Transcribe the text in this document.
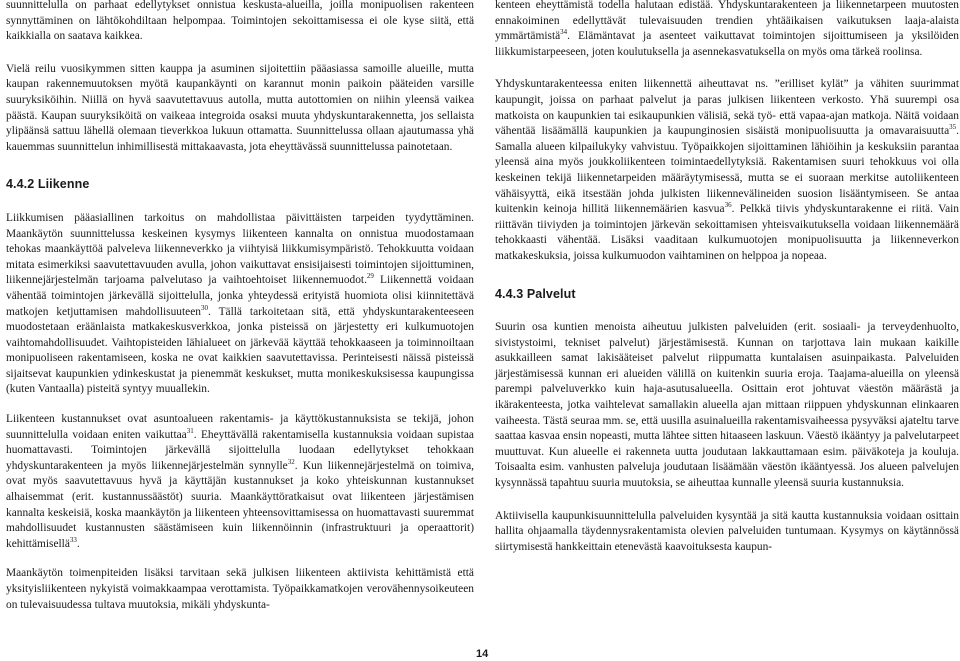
suunnittelulla on parhaat edellytykset onnistua keskusta-alueilla, joilla monipuolisen rakenteen synnyttäminen on lähtökohdiltaan helpompaa. Toimintojen sekoittamisessa ei ole kyse siitä, että kaikkialla on saatava kaikkea.

Vielä reilu vuosikymmen sitten kauppa ja asuminen sijoitettiin pääasiassa samoille alueille, mutta kaupan rakennemuutoksen myötä kaupankäynti on karannut monin paikoin pääteiden varsille suuryksiköihin. Niillä on hyvä saavutettavuus autolla, mutta autottomien on niihin yleensä vaikea päästä. Kaupan suuryksiköitä on vaikeaa integroida osaksi muuta yhdyskuntarakennetta, jos sellaista ylipäänsä sattuu lähellä olemaan tieverkkoa lukuun ottamatta. Suunnittelussa ollaan ajautumassa yhä kauemmas suunnittelun inhimillisestä mittakaavasta, jota eheyttävässä suunnittelussa painotetaan.

4.4.2 Liikenne

Liikkumisen pääasiallinen tarkoitus on mahdollistaa päivittäisten tarpeiden tyydyttäminen. Maankäytön suunnittelussa keskeinen kysymys liikenteen kannalta on onnistua muodostamaan tehokas maankäyttöä palveleva liikenneverkko ja viihtyisä liikkumisympäristö. Tehokkuutta voidaan mitata esimerkiksi saavutettavuuden avulla, johon vaikuttavat ensisijaisesti toimintojen sijoittuminen, liikennejärjestelmän tarjoama palvelutaso ja vaihtoehtoiset liikennemuodot.$^{29}$ Liikennettä voidaan vähentää toimintojen järkevällä sijoittelulla, jonka yhteydessä erityistä huomiota olisi kiinnitettävä matkojen ketjuttamisen mahdollisuuteen$^{30}$. Tällä tarkoitetaan sitä, että yhdyskuntarakenteeseen muodostetaan eräänlaista matkakeskusverkkoa, jonka pisteissä on järjestetty eri kulkumuotojen vaihtomahdollisuudet. Vaihtopisteiden lähialueet on järkevää käyttää tehokkaaseen ja toiminnoiltaan monipuoliseen rakentamiseen, koska ne ovat kaikkien saavutettavissa. Perinteisesti näissä pisteissä sijaitsevat kaupunkien ydinkeskustat ja pienemmät keskukset, mutta monikeskuksisessa kaupungissa (kuten Vantaalla) pisteitä syntyy muuallekin.

Liikenteen kustannukset ovat asuntoalueen rakentamis- ja käyttökustannuksista se tekijä, johon suunnittelulla voidaan eniten vaikuttaa$^{31}$. Eheyttävällä rakentamisella kustannuksia voidaan supistaa huomattavasti. Toimintojen järkevällä sijoittelulla luodaan edellytykset tehokkaan yhdyskuntarakenteen ja myös liikennejärjestelmän synnylle$^{32}$. Kun liikennejärjestelmä on toimiva, ovat myös saavutettavuus hyvä ja käyttäjän kustannukset ja koko yhteiskunnan kustannukset alhaisemmat (erit. kustannussäästöt) suuria. Maankäyttöratkaisut ovat liikenteen järjestämisen kannalta keskeisiä, koska maankäytön ja liikenteen yhteensovittamisessa on huomattavasti suuremmat mahdollisuudet kustannusten säästämiseen kuin liikennöinnin (infrastruktuuri ja operaattorit) kehittämisellä$^{33}$.

Maankäytön toimenpiteiden lisäksi tarvitaan sekä julkisen liikenteen aktiivista kehittämistä että yksityisliikenteen nykyistä voimakkaampaa verottamista. Työpaikkamatkojen verovähennysoikeuteen on tulevaisuudessa tultava muutoksia, mikäli yhdyskunta-

kenteen eheyttämistä todella halutaan edistää. Yhdyskuntarakenteen ja liikennetarpeen muutosten ennakoiminen edellyttävät tulevaisuuden trendien yhtääikaisen vaikutuksen laaja-alaista ymmärtämistä$^{34}$. Elämäntavat ja asenteet vaikuttavat toimintojen sijoittumiseen ja yksilöiden liikkumistarpeeseen, joten koulutuksella ja asennekasvatuksella on myös oma tärkeä roolinsa.

Yhdyskuntarakenteessa eniten liikennettä aiheuttavat ns. ”erilliset kylät” ja vähiten suurimmat kaupungit, joissa on parhaat palvelut ja paras julkisen liikenteen verkosto. Yhä suurempi osa matkoista on kaupunkien tai esikaupunkien välisiä, sekä työ- että vapaa-ajan matkoja. Näitä voidaan vähentää lisäämällä kaupunkien ja kaupunginosien sisäistä monipuolisuutta ja omavaraisuutta$^{35}$. Samalla alueen kilpailukyky vahvistuu. Työpaikkojen sijoittaminen lähiöihin ja keskuksiin parantaa yleensä aina myös joukkoliikenteen toimintaedellytyksiä. Rakentamisen suuri tehokkuus voi olla keskeinen tekijä liikennetarpeiden määräytymisessä, mutta se ei suoraan merkitse autoliikenteen vähäisyyttä, eikä itsestään johda julkisten liikennevälineiden suosion lisääntymiseen. Se antaa kuitenkin keinoja hillitä liikennemäärien kasvua$^{36}$. Pelkkä tiivis yhdyskuntarakenne ei riitä. Vain riittävän tiiviyden ja toimintojen järkevän sekoittamisen yhteisvaikutuksella voidaan liikennemäärä tehokkaasti vähentää. Lisäksi vaaditaan kulkumuotojen monipuolisuutta ja liikenneverkon matkakeskuksia, joissa kulkumuodon vaihtaminen on helppoa ja nopeaa.

4.4.3 Palvelut

Suurin osa kuntien menoista aiheutuu julkisten palveluiden (erit. sosiaali- ja terveydenhuolto, sivistystoimi, tekniset palvelut) järjestämisestä. Kunnan on tarjottava lain mukaan kaikille asukkailleen samat lakisääteiset palvelut riippumatta kuntalaisen asuinpaikasta. Palveluiden järjestämisessä kunnan eri alueiden välillä on kuitenkin suuria eroja. Taajama-alueilla on yleensä parempi palveluverkko kuin haja-asutusalueella. Osittain erot johtuvat väestön määrästä ja ikärakenteesta, jotka vaihtelevat samallakin alueella ajan mittaan riippuen yhdyskunnan elinkaaren vaiheesta. Tästä seuraa mm. se, että uusilla asuinalueilla rakentamisvaiheessa pysyväksi ajateltu tarve saattaa kasvaa ensin nopeasti, mutta lähtee sitten hitaaseen laskuun. Väestö ikääntyy ja palvelutarpeet muuttuvat. Kun alueelle ei rakenneta uutta joudutaan lakkauttamaan esim. päiväkoteja ja kouluja. Toisaalta esim. vanhusten palveluja joudutaan lisäämään väestön ikääntyessä. Jos alueen palvelujen kysynnässä tapahtuu suuria muutoksia, se aiheuttaa kunnalle yleensä suuria kustannuksia.

Aktiivisella kaupunkisuunnittelulla palveluiden kysyntää ja sitä kautta kustannuksia voidaan osittain hallita ohjaamalla täydennysrakentamista olevien palveluiden tuntumaan. Kysymys on käytännössä siirtymisestä hankkeittain etenevästä kaavoituksesta kaupun-

14
